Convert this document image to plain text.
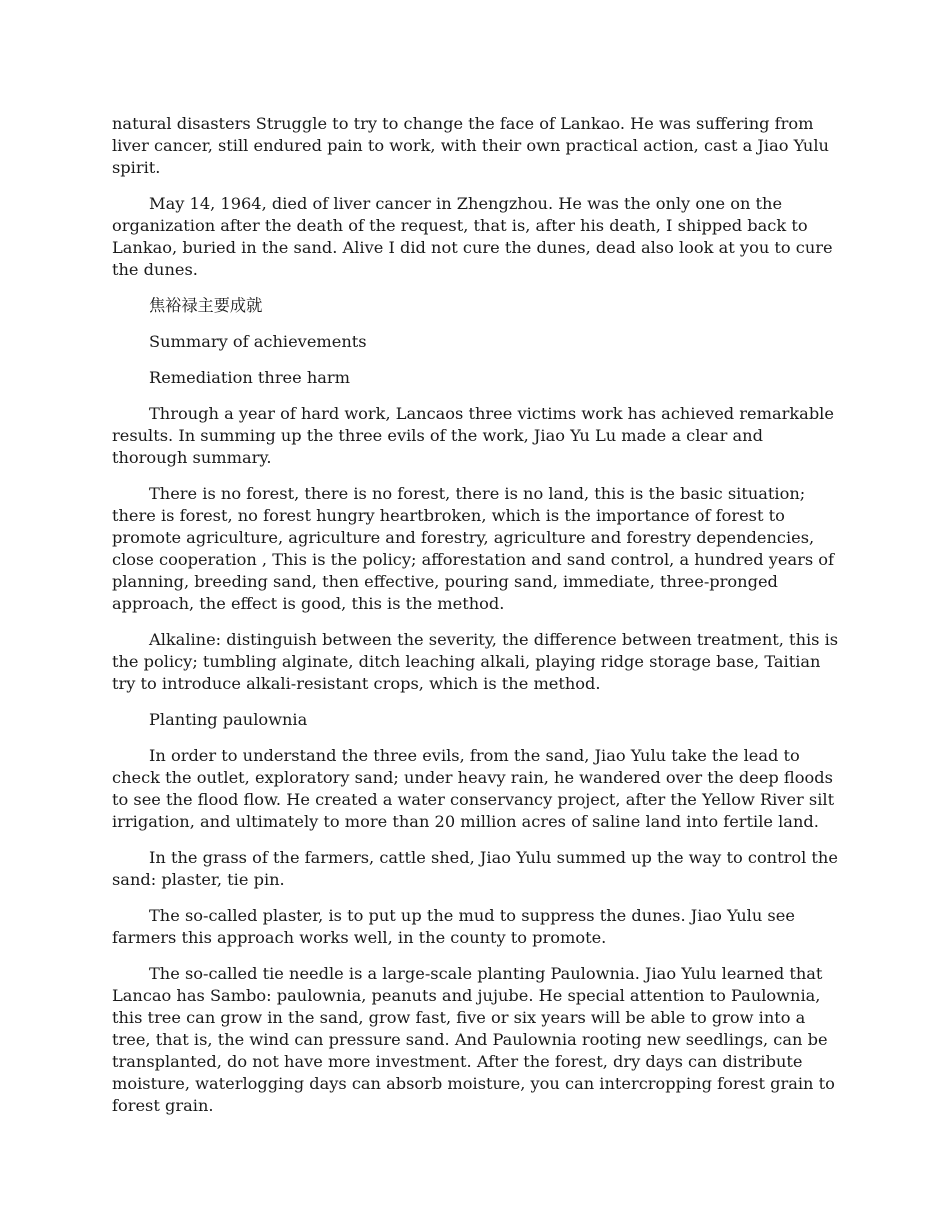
natural disasters Struggle to try to change the face of Lankao. He was suffering from liver cancer, still endured pain to work, with their own practical action, cast a Jiao Yulu spirit.

May 14, 1964, died of liver cancer in Zhengzhou. He was the only one on the organization after the death of the request, that is, after his death, I shipped back to Lankao, buried in the sand. Alive I did not cure the dunes, dead also look at you to cure the dunes.

焦裕禄主要成就

Summary of achievements

Remediation three harm

Through a year of hard work, Lancaos three victims work has achieved remarkable results. In summing up the three evils of the work, Jiao Yu Lu made a clear and thorough summary.

There is no forest, there is no forest, there is no land, this is the basic situation; there is forest, no forest hungry heartbroken, which is the importance of forest to promote agriculture, agriculture and forestry, agriculture and forestry dependencies, close cooperation , This is the policy; afforestation and sand control, a hundred years of planning, breeding sand, then effective, pouring sand, immediate, three-pronged approach, the effect is good, this is the method.

Alkaline: distinguish between the severity, the difference between treatment, this is the policy; tumbling alginate, ditch leaching alkali, playing ridge storage base, Taitian try to introduce alkali-resistant crops, which is the method.

Planting paulownia

In order to understand the three evils, from the sand, Jiao Yulu take the lead to check the outlet, exploratory sand; under heavy rain, he wandered over the deep floods to see the flood flow. He created a water conservancy project, after the Yellow River silt irrigation, and ultimately to more than 20 million acres of saline land into fertile land.

In the grass of the farmers, cattle shed, Jiao Yulu summed up the way to control the sand: plaster, tie pin.

The so-called plaster, is to put up the mud to suppress the dunes. Jiao Yulu see farmers this approach works well, in the county to promote.

The so-called tie needle is a large-scale planting Paulownia. Jiao Yulu learned that Lancao has Sambo: paulownia, peanuts and jujube. He special attention to Paulownia, this tree can grow in the sand, grow fast, five or six years will be able to grow into a tree, that is, the wind can pressure sand. And Paulownia rooting new seedlings, can be transplanted, do not have more investment. After the forest, dry days can distribute moisture, waterlogging days can absorb moisture, you can intercropping forest grain to forest grain.
